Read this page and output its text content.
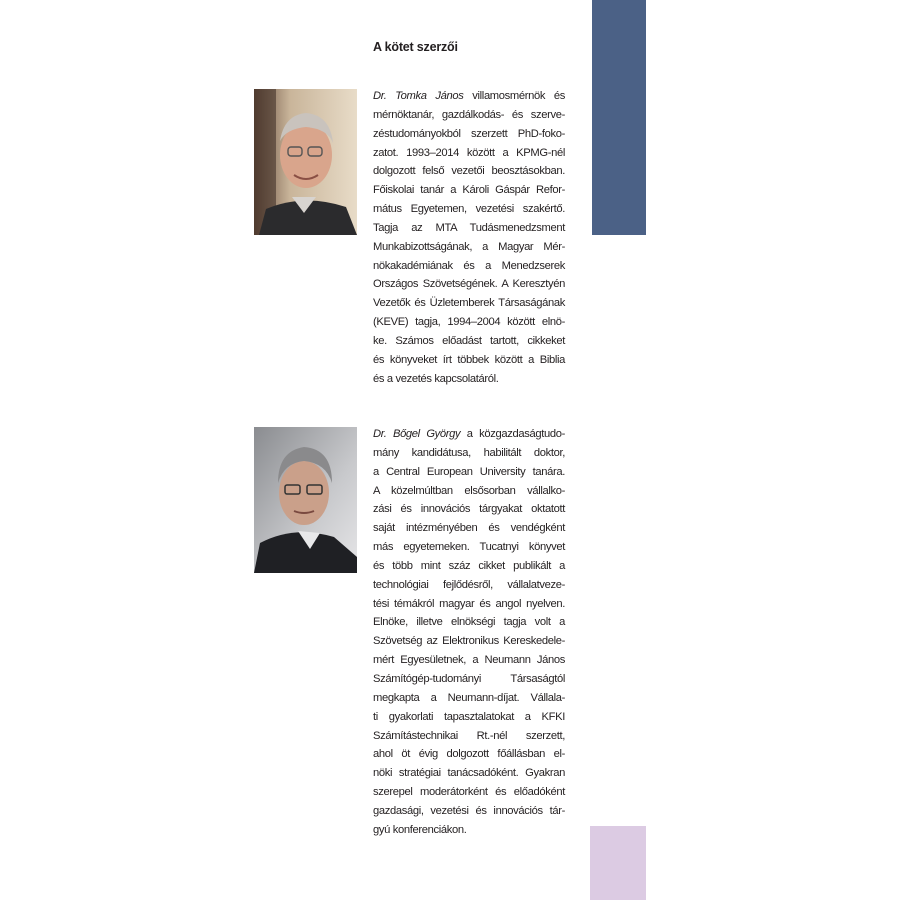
A kötet szerzői
Dr. Tomka János villamosmérnök és
mérnöktanár, gazdálkodás- és szerve-
zéstudományokból szerzett PhD-foko-
zatot. 1993–2014 között a KPMG-nél
dolgozott felső vezetői beosztásokban.
Főiskolai tanár a Károli Gáspár Refor-
mátus Egyetemen, vezetési szakértő.
Tagja az MTA Tudásmenedzsment
Munkabizottságának, a Magyar Mér-
nökakadémiának és a Menedzserek
Országos Szövetségének. A Keresztyén
Vezetők és Üzletemberek Társaságának
(KEVE) tagja, 1994–2004 között elnö-
ke. Számos előadást tartott, cikkeket
és könyveket írt többek között a Biblia
és a vezetés kapcsolatáról.
Dr. Bőgel György a közgazdaságtudo-
mány kandidátusa, habilitált doktor,
a Central European University tanára.
A közelmúltban elsősorban vállalko-
zási és innovációs tárgyakat oktatott
saját intézményében és vendégként
más egyetemeken. Tucatnyi könyvet
és több mint száz cikket publikált a
technológiai fejlődésről, vállalatveze-
tési témákról magyar és angol nyelven.
Elnöke, illetve elnökségi tagja volt a
Szövetség az Elektronikus Kereskedele-
mért Egyesületnek, a Neumann János
Számítógép-tudományi Társaságtól
megkapta a Neumann-díjat. Vállala-
ti gyakorlati tapasztalatokat a KFKI
Számítástechnikai Rt.-nél szerzett,
ahol öt évig dolgozott főállásban el-
nöki stratégiai tanácsadóként. Gyakran
szerepel moderátorként és előadóként
gazdasági, vezetési és innovációs tár-
gyú konferenciákon.
